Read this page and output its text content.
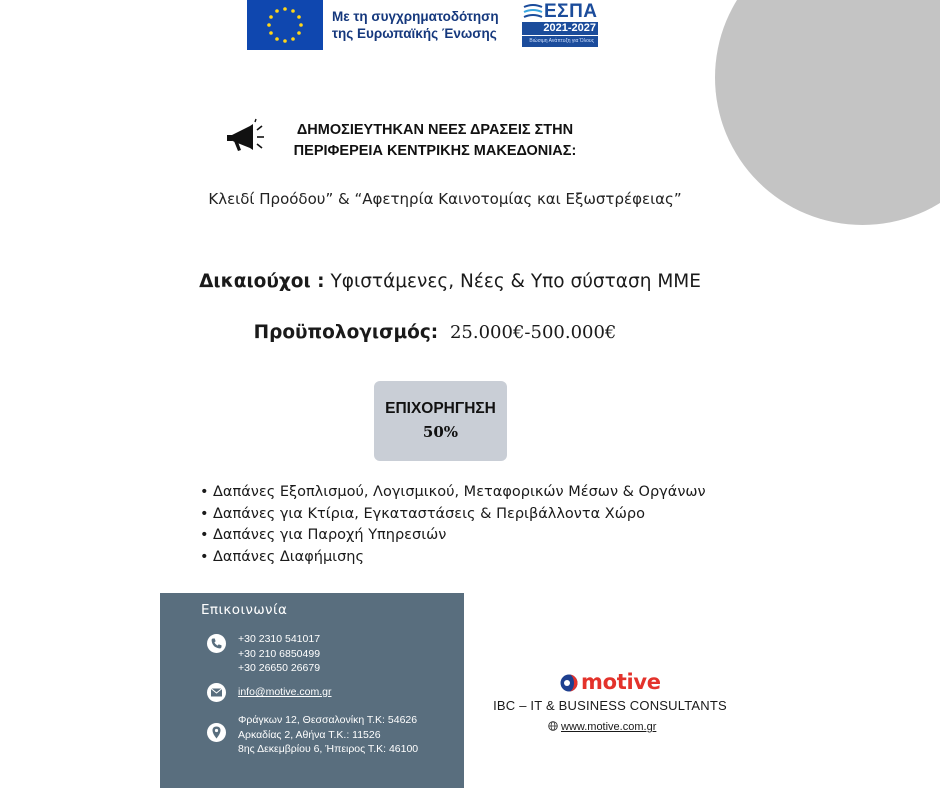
Με τη συγχρηματοδότηση
της Ευρωπαϊκής Ένωσης
ΕΣΠΑ
2021-2027
Βιώσιμη Ανάπτυξη για Όλους
ΔΗΜΟΣΙΕΥΤΗΚΑΝ ΝΕΕΣ ΔΡΑΣΕΙΣ ΣΤΗΝ
ΠΕΡΙΦΕΡΕΙΑ ΚΕΝΤΡΙΚΗΣ ΜΑΚΕΔΟΝΙΑΣ:
Κλειδί Προόδου” & “Αφετηρία Καινοτομίας και Εξωστρέφειας”
Δικαιούχοι : Υφιστάμενες, Νέες & Υπο σύσταση ΜΜΕ
Προϋπολογισμός: 25.000€-500.000€
ΕΠΙΧΟΡΗΓΗΣΗ
50%
• Δαπάνες Εξοπλισμού, Λογισμικού, Μεταφορικών Μέσων & Οργάνων
• Δαπάνες για Κτίρια, Εγκαταστάσεις & Περιβάλλοντα Χώρο
• Δαπάνες για Παροχή Υπηρεσιών
• Δαπάνες Διαφήμισης
Επικοινωνία
+30 2310 541017
+30 210 6850499
+30 26650 26679
info@motive.com.gr
Φράγκων 12, Θεσσαλονίκη Τ.Κ: 54626
Αρκαδίας 2, Αθήνα Τ.Κ.: 11526
8ης Δεκεμβρίου 6, Ήπειρος Τ.Κ: 46100
motive
IBC – IT & BUSINESS CONSULTANTS
www.motive.com.gr
